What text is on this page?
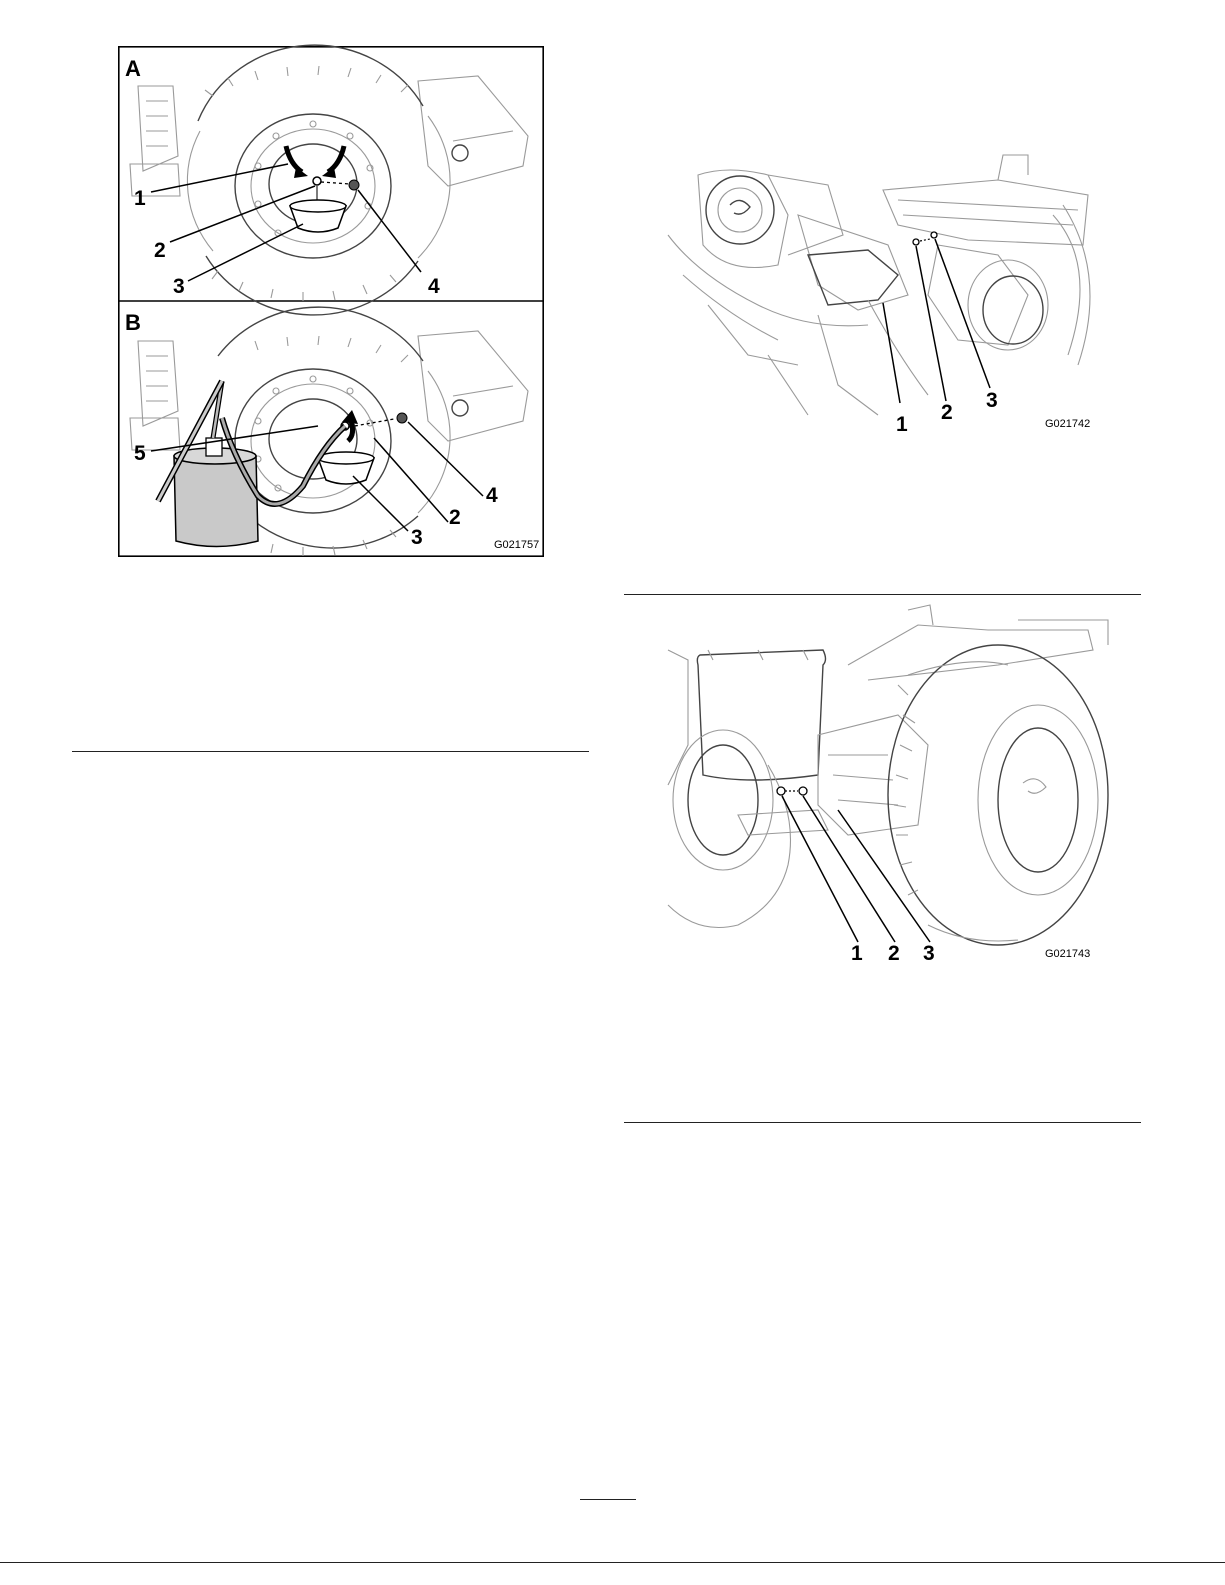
A
1
2
3	4
B
5
2
4
3	G021757
1
2
3
G021742
1 2 3	G021743
